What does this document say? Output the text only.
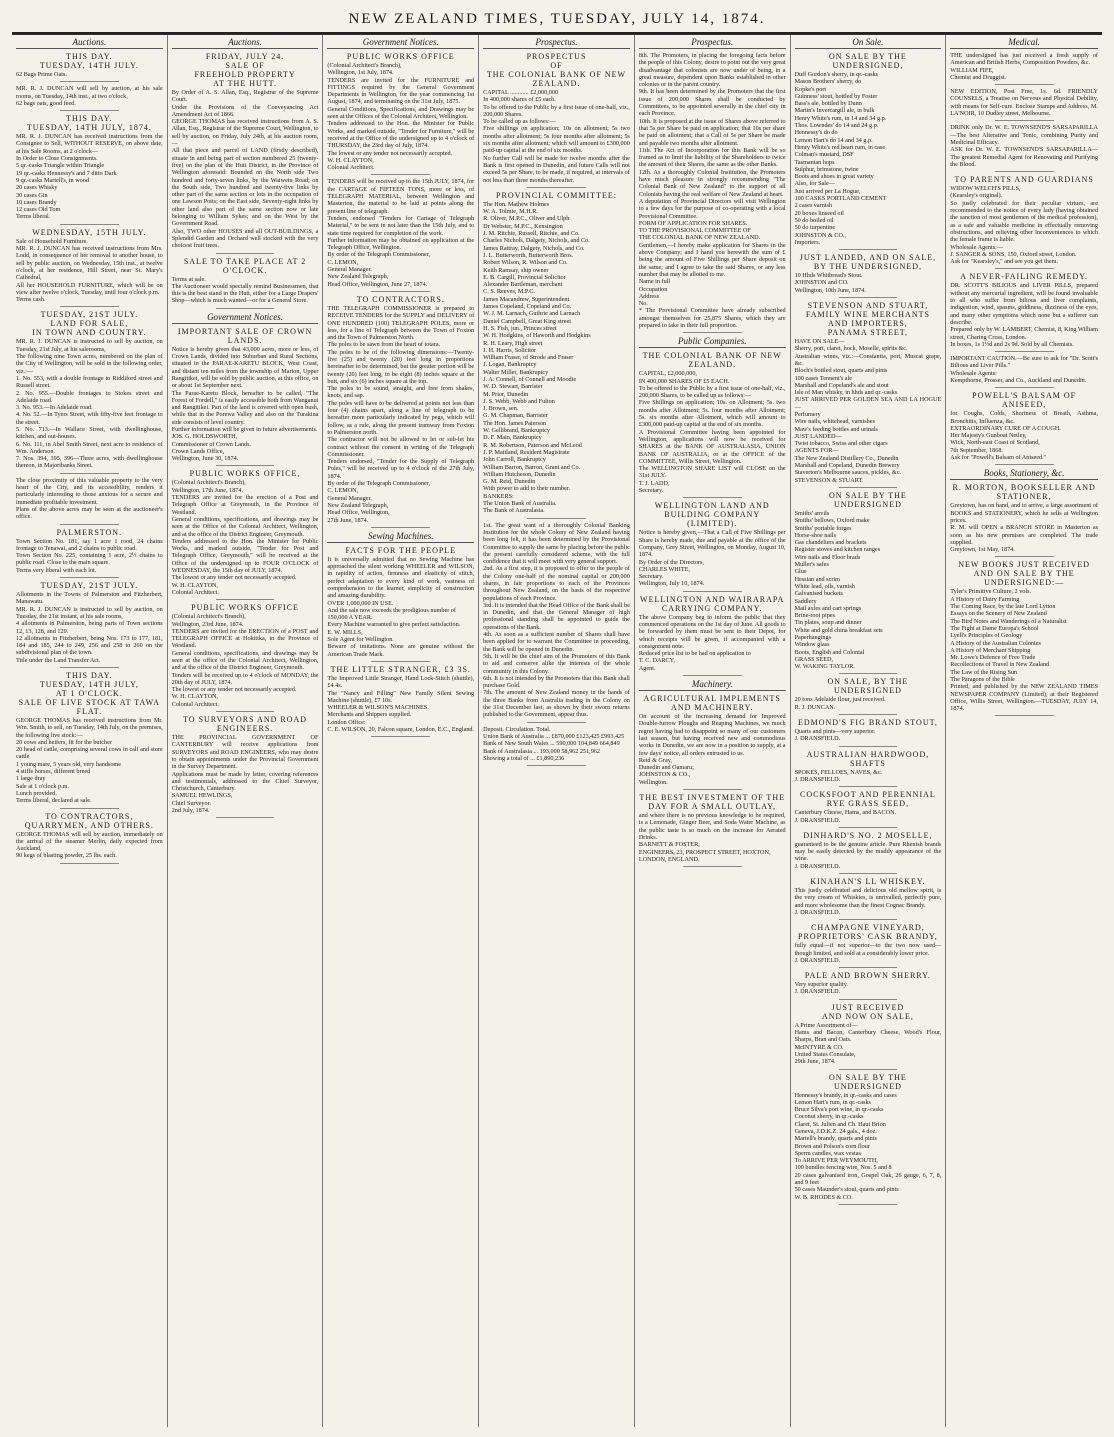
NEW ZEALAND TIMES, TUESDAY, JULY 14, 1874.
Auctions.
THIS DAY.
TUESDAY, 14TH JULY.
62 Bags Prime Oats.
MR. R. J. DUNCAN will sell by auction, at his sale rooms, on Tuesday, 14th inst., at two o'clock,
62 bags oats, good feed.
THIS DAY.
TUESDAY, 14TH JULY, 1874.
MR. R. J. DUNCAN has received instructions from the Consignee to Sell, WITHOUT RESERVE, on above date, at his Sale Rooms, at 2 o'clock—
In Order to Close Consignments.
5 qr.-casks Triangle within Triangle
19 qr.-casks Hennessy's and 7 ditto Dark
9 qr.-casks Martell's, in wood
20 cases Whisky
30 cases Gin
10 cases Brandy
12 cases Old Tom
Terms liberal.
WEDNESDAY, 15TH JULY.
Sale of Household Furniture.
MR. R. J. DUNCAN has received instructions from Mrs. Lodd, in consequence of her removal to another house, to sell by public auction, on Wednesday, 15th inst., at twelve o'clock, at her residence, Hill Street, near St. Mary's Cathedral,
All her HOUSEHOLD FURNITURE, which will be on view after twelve o'clock, Tuesday, until four o'clock p.m.
Terms cash.
TUESDAY, 21ST JULY.
LAND FOR SALE,
IN TOWN AND COUNTRY.
MR. R. J. DUNCAN is instructed to sell by auction, on Tuesday, 21st July, at his salerooms,
The following nine Town acres, numbered on the plan of the City of Wellington, will be sold in the following order, viz.:—
1. No. 553, with a double frontage to Riddiford street and Russell street.
2. No. 955.—Double frontages to Stokes street and Adelaide road.
3. No. 953.—In Adelaide road.
4. No. 52.—In Tyers Street, with fifty-five feet frontage to the street.
5. No. 713.—In Wallace Street, with dwellinghouse, kitchen, and out-houses.
6. No. 111, in Abel Smith Street, next acre to residence of Wm. Anderson.
7. Nos. 394, 395, 396—Three acres, with dwellinghouse thereon, in Majoribanks Street.
The close proximity of this valuable property to the very heart of the City, and its accessibility, renders it particularly interesting to those anxious for a secure and immediate profitable investment.
Plans of the above acres may be seen at the auctioneer's office.
PALMERSTON.
Town Section No. 181, say 1 acre 1 rood, 24 chains frontage to Tenawai, and 2 chains to public road.
Town Section No. 225, containing 1 acre, 2½ chains to public road. Close to the main square.
Terms very liberal with each lot.
TUESDAY, 21ST JULY.
Allotments in the Towns of Palmerston and Fitzherbert, Manawatu.
MR. R. J. DUNCAN is instructed to sell by auction, on Tuesday, the 21st instant, at his sale rooms,
4 allotments in Palmerston, being parts of Town sections 12, 13, 128, and 129.
12 allotments in Fitzherbert, being Nos. 173 to 177, 181, 184 and 185, 244 to 249, 256 and 258 to 260 on the subdivisional plan of the town.
Title under the Land Transfer Act.
THIS DAY.
TUESDAY, 14TH JULY,
AT 1 O'CLOCK.
SALE OF LIVE STOCK AT TAWA FLAT.
GEORGE THOMAS has received instructions from Mr. Wm. Smith, to sell, on Tuesday, 14th July, on the premises, the following live stock:—
20 cows and heifers, fit for the butcher
20 head of cattle, comprising several cows in calf and store cattle
1 young mare, 5 years old, very handsome
4 stiffe horses, different breed
1 large dray
Sale at 1 o'clock p.m.
Lunch provided.
Terms liberal, declared at sale.
TO CONTRACTORS, QUARRYMEN, AND OTHERS.
GEORGE THOMAS will sell by auction, immediately on the arrival of the steamer Merlin, daily expected from Auckland,
90 kegs of blasting powder, 25 lbs. each.
Auctions.
FRIDAY, JULY 24.
SALE OF
FREEHOLD PROPERTY
AT THE HUTT.
By Order of A. S. Allan, Esq., Registrar of the Supreme Court.
Under the Provisions of the Conveyancing Act Amendment Act of 1866.
GEORGE THOMAS has received instructions from A. S. Allan, Esq., Registrar of the Supreme Court, Wellington, to sell by auction, on Friday, July 24th, at his auction room,—
All that piece and parcel of LAND (firstly described), situate in and being part of section numbered 25 (twenty-five) on the plan of the Hutt District, in the Province of Wellington aforesaid: Bounded on the North side Two hundred and forty-seven links, by the Waiwetu Road; on the South side, Two hundred and twenty-five links by other part of the same section or lots in the occupation of one Lawson Potts; on the East side, Seventy-eight links by other land also part of the same section now or late belonging to William Sykes; and on the West by the Government Road.
Also, TWO other HOUSES and all OUT-BUILDINGS, a Splendid Garden and Orchard well stocked with the very choicest fruit trees.
SALE TO TAKE PLACE AT 2 O'CLOCK.
Terms at sale.
The Auctioneer would specially remind Businessmen, that this is the best stand in the Hutt, either for a Large Drapers' Shop—which is much wanted—or for a General Store.
Government Notices.
IMPORTANT SALE OF CROWN LANDS.
Notice is hereby given that 43,000 acres, more or less, of Crown Lands, divided into Suburban and Rural Sections, situated in the PARAE-KARETU BLOCK, West Coast, and distant ten miles from the township of Marton, Upper Rangitikei, will be sold by public auction, at this office, on or about 1st September next.
The Parae-Karetu Block, hereafter to be called, "The Forest of Fordell," is easily accessible both from Wanganui and Rangitikei. Part of the land is covered with open bush, while that in the Porewa Valley and also on the Turakina side consists of level country.
Further information will be given in future advertisements.
JOS. G. HOLDSWORTH,
Commissioner of Crown Lands.
Crown Lands Office,
Wellington, June 30, 1874.
PUBLIC WORKS OFFICE,
(Colonial Architect's Branch),
Wellington, 17th June, 1874.
TENDERS are invited for the erection of a Post and Telegraph Office at Greymouth, in the Province of Westland.
General conditions, specifications, and drawings may be seen at the Office of the Colonial Architect, Wellington, and at the office of the District Engineer, Greymouth.
Tenders addressed to the Hon. the Minister for Public Works, and marked outside, "Tender for Post and Telegraph Office, Greymouth," will be received at the Office of the undersigned up to FOUR O'CLOCK of WEDNESDAY, the 15th day of JULY, 1874.
The lowest or any tender not necessarily accepted.
W. H. CLAYTON,
Colonial Architect.
PUBLIC WORKS OFFICE
(Colonial Architect's Branch),
Wellington, 23rd June, 1874.
TENDERS are invited for the ERECTION of a POST and TELEGRAPH OFFICE at Hokitika, in the Province of Westland.
General conditions, specifications, and drawings may be seen at the office of the Colonial Architect, Wellington, and at the office of the District Engineer, Greymouth.
Tenders will be received up to 4 o'clock of MONDAY, the 20th day of JULY, 1874.
The lowest or any tender not necessarily accepted.
W. H. CLAYTON,
Colonial Architect.
TO SURVEYORS AND ROAD ENGINEERS.
THE PROVINCIAL GOVERNMENT OF CANTERBURY will receive applications from SURVEYORS and ROAD ENGINEERS, who may desire to obtain appointments under the Provincial Government in the Survey Department.
Applications must be made by letter, covering references and testimonials, addressed to the Chief Surveyor, Christchurch, Canterbury.
SAMUEL HEWLINGS,
Chief Surveyor.
2nd July, 1874.
Government Notices.
PUBLIC WORKS OFFICE
(Colonial Architect's Branch),
Wellington, 1st July, 1874.
TENDERS are invited for the FURNITURE and FITTINGS required by the General Government Departments in Wellington, for the year commencing 1st August, 1874, and terminating on the 31st July, 1875.
General Conditions, Specifications, and Drawings may be seen at the Offices of the Colonial Architect, Wellington.
Tenders addressed to the Hon. the Minister for Public Works, and marked outside, "Tender for Furniture," will be received at the Office of the undersigned up to 4 o'clock of THURSDAY, the 23rd day of July, 1874.
The lowest or any tender not necessarily accepted.
W. H. CLAYTON,
Colonial Architect.
TENDERS will be received up to the 15th JULY, 1874, for the CARTAGE of FIFTEEN TONS, more or less, of TELEGRAPH MATERIAL, between Wellington and Masterton, the material to be laid at points along the present line of telegraph.
Tenders, endorsed "Tenders for Cartage of Telegraph Material," to be sent in not later than the 15th July, and to state time required for completion of the work.
Further information may be obtained on application at the Telegraph Office, Wellington.
By order of the Telegraph Commissioner,
C. LEMON,
General Manager.
New Zealand Telegraph,
Head Office, Wellington, June 27, 1874.
TO CONTRACTORS.
THE TELEGRAPH COMMISSIONER is prepared to RECEIVE TENDERS for the SUPPLY and DELIVERY of ONE HUNDRED (100) TELEGRAPH POLES, more or less, for a line of Telegraph between the Town of Foxton and the Town of Palmerston North.
The poles to be sawn from the heart of totara.
The poles to be of the following dimensions:—Twenty-five (25) and twenty (20) feet long in proportions hereinafter to be determined, but the greater portion will be twenty (20) feet long, to be eight (8) inches square at the butt, and six (6) inches square at the top.
The poles to be sound, straight, and free from shakes, knots, and sap.
The poles will have to be delivered at points not less than four (4) chains apart, along a line of telegraph to be hereafter more particularly indicated by pegs, which will follow, as a rule, along the present tramway from Foxton to Palmerston north.
The contractor will not be allowed to let or sub-let his contract without the consent in writing of the Telegraph Commissioner.
Tenders endorsed, "Tender for the Supply of Telegraph Poles," will be received up to 4 o'clock of the 27th July, 1874.
By order of the Telegraph Commissioner,
C. LEMON,
General Manager.
New Zealand Telegraph,
Head Office, Wellington,
27th June, 1874.
Sewing Machines.
FACTS FOR THE PEOPLE
It is universally admitted that no Sewing Machine has approached the silent working WHEELER and WILSON, in rapidity of action, firmness and elasticity of stitch, perfect adaptation to every kind of work, vastness of comprehension to the learner, simplicity of construction and amazing durability.
OVER 1,000,000 IN USE.
And the sale now exceeds the prodigious number of
150,000 A YEAR.
Every Machine warranted to give perfect satisfaction.
E. W. MILLS,
Sole Agent for Wellington.
Beware of imitations. None are genuine without the American Trade Mark.
THE LITTLE STRANGER, £3 3S.
The Improved Little Stranger, Hand Lock-Stitch (shuttle), £4 4s.
The "Nancy and Filling" New Family Silent Sewing Machine (shuttle), £7 10s.
WHEELER & WILSON'S MACHINES.
Merchants and Shippers supplied.
London Office:
C. E. WILSON, 20, Falcon square, London, E.C., England.
Prospectus.
PROSPECTUS
OF
THE COLONIAL BANK OF NEW ZEALAND.
CAPITAL ............ £2,000,000
In 400,000 shares of £5 each.
To be offered to the Public by a first issue of one-half, viz., 200,000 Shares.
To be called up as follows:—
Five shillings on application; 10s on allotment; 5s two months after allotment; 5s four months after allotment; 5s six months after allotment; which will amount to £300,000 paid-up capital at the end of six months.
No further Call will be made for twelve months after the Bank is first opened in Dunedin, and future Calls will not exceed 5s per Share, to be made, if required, at intervals of not less than three months thereafter.
PROVINCIAL COMMITTEE:
The Hon. Mathew Holmes
W. A. Tolmie, M.H.R.
R. Oliver, M.P.C., Oliver and Ulph
Dr Webster, M.P.C., Kensington
J. M. Ritchie, Russell, Ritchie, and Co.
Charles Nichols, Dalgety, Nichols, and Co.
James Rattray, Dalgety, Nichols, and Co.
J. L. Butterworth, Butterworth Bros.
Robert Wilson, R. Wilson and Co.
Keith Ramsay, ship owner
E. B. Cargill, Provincial Solicitor
Alexander Bartleman, merchant
C. S. Reeves, M.P.C.
James Macandrew, Superintendent
James Copeland, Copeland and Co.
W. J. M. Larnach, Guthrie and Larnach
Daniel Campbell, Great King street
H. S. Fish, jun., Princes street
W. H. Hodgkins, of Haworth and Hodgkins
R. H. Leary, High street
J. H. Harris, Solicitor
William Fraser, of Strode and Fraser
J. Logan, Bankruptcy
Walter Miller, Bankruptcy
J. A. Connell, of Connell and Moodie
W. D. Stewart, Barrister
M. Prior, Dunedin
J. S. Webb, Webb and Fulton
J. Brown, sen.
G. M. Chapman, Barrister
The Hon. James Paterson
W. Gellibrand, Bankruptcy
D. F. Main, Bankruptcy
R. M. Robertson, Paterson and McLeod
J. P. Maitland, Resident Magistrate
John Carroll, Bankruptcy
William Barron, Barron, Grant and Co.
William Hutcheson, Dunedin
G. M. Reid, Dunedin
With power to add to their number.
BANKERS:
The Union Bank of Australia.
The Bank of Australasia.
1st. The great want of a thoroughly Colonial Banking Institution for the whole Colony of New Zealand having been long felt, it has been determined by the Provisional Committee to supply the same by placing before the public the present carefully considered scheme, with the full confidence that it will meet with very general support.
2nd. As a first step, it is proposed to offer to the people of the Colony one-half of the nominal capital or 200,000 shares, in fair proportions to each of the Provinces throughout New Zealand, on the basis of the respective populations of each Province.
3rd. It is intended that the Head Office of the Bank shall be in Dunedin, and that the General Manager of high professional standing shall be appointed to guide the operations of the Bank.
4th. As soon as a sufficient number of Shares shall have been applied for to warrant the Committee in proceeding, the Bank will be opened in Dunedin.
5th. It will be the chief aim of the Promoters of this Bank to aid and conserve alike the interests of the whole community in this Colony.
6th. It is not intended by the Promoters that this Bank shall purchase Gold.
7th. The amount of New Zealand money in the hands of the three Banks from Australia trading in the Colony on the 31st December last, as shown by their sworn returns published to the Government, appear thus.
Deposit. Circulation. Total.
Union Bank of Australia ... £870,000 £123,425 £993,425
Bank of New South Wales ... 590,000 104,849 664,849
Bank of Australasia ... 193,000 58,962 251,962
Showing a total of ... £1,890,236
Prospectus.
8th. The Promoters, in placing the foregoing facts before the people of this Colony, desire to point out the very great disadvantage that colonists are now under of being, in a great measure, dependent upon Banks established in other colonies or in the parent country.
9th. It has been determined by the Promoters that the first issue of 200,000 Shares shall be conducted by Committees, to be appointed severally in the chief city in each Province.
10th. It is proposed at the issue of Shares above referred to that 5s per Share be paid on application; that 10s per share be paid on allotment; that a Call of 5s per Share be made and payable two months after allotment.
11th. The Act of Incorporation for this Bank will be so framed as to limit the liability of the Shareholders to twice the amount of their Shares, the same as the other Banks.
12th. As a thoroughly Colonial Institution, the Promoters have much pleasure in strongly recommending "The Colonial Bank of New Zealand" to the support of all Colonists having the real welfare of New Zealand at heart.
A deputation of Provincial Directors will visit Wellington to a few days for the purpose of co-operating with a local Provisional Committee.
FORM OF APPLICATION FOR SHARES.
TO THE PROVISIONAL COMMITTEE OF
THE COLONIAL BANK OF NEW ZEALAND.
Gentlemen,—I hereby make application for Shares in the above Company; and I hand you herewith the sum of £ being the amount of Five Shillings per Share deposit on the same; and I agree to take the said Shares, or any less number that may be allotted to me.
Name in full
Occupation
Address
No.
* The Provisional Committee have already subscribed amongst themselves for 25,875 Shares, which they are prepared to take in their full proportion.
Public Companies.
THE COLONIAL BANK OF NEW ZEALAND.
CAPITAL, £2,000,000,
IN 400,000 SHARES OF £5 EACH.
To be offered to the Public by a first issue of one-half, viz., 200,000 Shares, to be called up as follows:—
Five Shillings on application; 10s. on Allotment; 5s. two months after Allotment; 5s. four months after Allotment; 5s. six months after Allotment, which will amount to £300,000 paid-up capital at the end of six months.
A Provisional Committee having been appointed for Wellington, applications will now be received for SHARES at the BANK OF AUSTRALASIA, UNION BANK OF AUSTRALIA, or at the OFFICE of the COMMITTEE, Willis Street, Wellington.
The WELLINGTON SHARE LIST will CLOSE on the 31st JULY.
T. J. LADD,
Secretary.
WELLINGTON LAND AND BUILDING COMPANY (LIMITED).
Notice is hereby given,—That a Call of Five Shillings per Share is hereby made, due and payable at the office of the Company, Grey Street, Wellington, on Monday, August 10, 1874.
By Order of the Directors,
CHARLES WHITE,
Secretary.
Wellington, July 10, 1874.
WELLINGTON AND WAIRARAPA CARRYING COMPANY.
The above Company beg to inform the public that they commenced operations on the 1st day of June. All goods to be forwarded by them must be sent to their Depot, for which receipts will be given, if accompanied with a consignment note.
Reduced price list to be had on application to
T. C. DARCY,
Agent.
Machinery.
AGRICULTURAL IMPLEMENTS AND MACHINERY.
On account of the increasing demand for Improved Double-furrow Ploughs and Reaping Machines, we much regret having had to disappoint so many of our customers last season, but having received new and commodious works in Dunedin, we are now in a position to supply, at a few days' notice, all orders entrusted to us.
Reid & Gray,
Dunedin and Oamaru;
JOHNSTON & CO.,
Wellington.
THE BEST INVESTMENT OF THE DAY FOR A SMALL OUTLAY,
and where there is no previous knowledge to be required, is a Lemonade, Ginger Beer, and Soda Water Machine, as the public taste is so much on the increase for Aerated Drinks.
BARNETT & FOSTER,
ENGINEERS, 23, PROSPECT STREET, HOXTON,
LONDON, ENGLAND.
On Sale.
ON SALE BY THE UNDERSIGNED,
Duff Gordon's sherry, in qr.-casks
Mason Brothers' sherry, do
Kopke's port
Guinness' stout, bottled by Foster
Bass's ale, bottled by Dunn
Martin's Invercargill ale, in bulk
Henry White's rum, in 14 and 34 g.p.
Thos. Lowndes' do 14 and 24 g.p.
Hennessy's do do
Lemon Hart's do 14 and 34 g.p.
Henry White's red heart rum, in case
Colman's mustard, DSF
Tasmanian hops
Sulphur, brimstone, twine
Boots and shoes in great variety
Also, for Sale—
Just arrived per La Hogue,
100 CASKS PORTLAND CEMENT
2 cases varnish
20 boxes linseed oil
50 do boiled oil
50 do turpentine
JOHNSTON & CO.,
Importers.
JUST LANDED, AND ON SALE, BY THE UNDERSIGNED,
10 Hhds Whitbread's Stout.
JOHNSTON and CO.
Wellington, 10th June, 1874.
STEVENSON AND STUART,
FAMILY WINE MERCHANTS AND IMPORTERS,
PANAMA STREET,
HAVE ON SALE—
Sherry, port, claret, hock, Moselle, spirits &c.
Australian wines, viz.:—Constantia, port, Muscat grape, &c.
Bloch's bottled stout, quarts and pints
100 cases Tennent's ale
Marshall and Copeland's ale and stout
Isle of Man whisky, in hhds and qr.-casks
JUST ARRIVED PER GOLDEN SEA AND LA HOGUE—
Perfumery
Wire nails, whitehead, varnishes
Maw's feeding bottles and urinals
JUST LANDED—
Twist tobacco, Swiss and other cigars
AGENTS FOR—
The New Zealand Distillery Co., Dunedin
Marshall and Copeland, Dunedin Brewery
Staverton's Melbourne sauces, pickles, &c.
STEVENSON & STUART.
ON SALE BY THE UNDERSIGNED
Smiths' anvils
Smiths' bellows, Oxford make
Smiths' portable forges
Horse-shoe nails
Gas chandeliers and brackets
Register stoves and kitchen ranges
Wire nails and Floor brads
Muller's safes
Glue
Hessian and scrim
White lead, oils, varnish
Galvanised buckets
Saddlery
Mail axles and cart springs
Brine-root pipes
Tin plates, soup and dinner
White and gold china breakfast sets
Paperhangings
Window glass
Boots, English and Colonial
GRASS SEED,
W. WAKING TAYLOR.
ON SALE, BY THE UNDERSIGNED
20 tons Adelaide flour, just received.
R. J. DUNCAN.
EDMOND'S FIG BRAND STOUT,
Quarts and pints—very superior.
J. DRANSFIELD.
AUSTRALIAN HARDWOOD, SHAFTS
SPOKES, FELLOES, NAVES, &c.
J. DRANSFIELD.
COCKSFOOT AND PERENNIAL RYE GRASS SEED,
Canterbury Cheese, Hams, and BACON.
J. DRANSFIELD.
DINHARD'S NO. 2 MOSELLE,
guaranteed to be the genuine article. Pure Rhenish brands may be easily detected by the muddy appearance of the wine.
J. DRANSFIELD.
KINAHAN'S LL WHISKEY.
This justly celebrated and delicious old mellow spirit, is the very cream of Whiskies, is unrivalled, perfectly pure, and more wholesome than the finest Cognac Brandy.
J. DRANSFIELD.
CHAMPAGNE VINEYARD, PROPRIETORS' CASK BRANDY,
fully equal—if not superior—to the two now used—though limited, and sold at a considerably lower price.
J. DRANSFIELD.
PALE AND BROWN SHERRY.
Very superior quality.
J. DRANSFIELD.
JUST RECEIVED
AND NOW ON SALE,
A Prime Assortment of—
Hams and Bacon, Canterbury Cheese, Wood's Flour, Sharps, Bran and Oats.
McINTYRE & CO.
United States Consulate,
29th June, 1874.
ON SALE BY THE UNDERSIGNED
Hennessy's brandy, in qr.-casks and cases
Lemon Hart's rum, in qr.-casks
Bruce Silva's port wine, in qr.-casks
Coconut sherry, in qr.-casks
Claret, St. Julien and Ch. Haut Brion
Geneva, J.D.K.Z. 24 gals., 4 doz.
Martell's brandy, quarts and pints
Brown and Polson's corn flour
Sperm candles, wax vestas
To ARRIVE PER WEYMOUTH,
100 bundles fencing wire, Nos. 5 and 8
20 cases galvanised iron, Gospel Oak, 26 gauge, 6, 7, 8, and 9 feet
50 cases Maunder's stout, quarts and pints
W. B. RHODES & CO.
Medical.
THE undersigned has just received a fresh supply of American and British Herbs, Composition Powders, &c.
WILLIAM FIFE,
Chemist and Druggist.
NEW EDITION, Post Free, 1s. 6d. FRIENDLY COUNSELS, a Treatise on Nervous and Physical Debility, with means for Self-cure. Enclose Stamps and Address, M. LA'NOIR, 10 Dudley street, Melbourne.
DRINK only Dr. W. E. TOWNSEND'S SARSAPARILLA—The best Alterative and Tonic, combining Purity and Medicinal Efficacy.
ASK for Dr. W. E. TOWNSEND'S SARSAPARILLA—The greatest Remedial Agent for Renovating and Purifying the Blood.
TO PARENTS AND GUARDIANS
WIDOW WELCH'S PILLS,
(Kearsley's original).
So justly celebrated for their peculiar virtues, are recommended to the notice of every lady (having obtained the sanction of most gentlemen of the medical profession), as a safe and valuable medicine in effectually removing obstructions, and relieving other inconveniences to which the female frame is liable.
Wholesale Agents:—
J. SANGER & SONS, 150, Oxford street, London.
Ask for "Kearsley's," and see you get them.
A NEVER-FAILING REMEDY.
DR. SCOTT'S BILIOUS and LIVER PILLS, prepared without any mercurial ingredient, will be found invaluable to all who suffer from bilious and liver complaints, indigestion, wind, spasms, giddiness, dizziness of the eyes, and many other symptoms which none but a sufferer can describe.
Prepared only by W. LAMBERT, Chemist, 8, King William street, Charing Cross, London.
In boxes, 1s 1½d and 2s 9d. Sold by all Chemists.
IMPORTANT CAUTION.—Be sure to ask for "Dr. Scott's Bilious and Liver Pills."
Wholesale Agents:
Kempthorne, Prosser, and Co., Auckland and Dunedin.
POWELL'S BALSAM OF ANISEED,
for Coughs, Colds, Shortness of Breath, Asthma, Bronchitis, Influenza, &c.
EXTRAORDINARY CURE OF A COUGH.
Her Majesty's Gunboat Netley,
Wick, North-east Coast of Scotland,
7th September, 1868.
Ask for "Powell's Balsam of Aniseed."
Books, Stationery, &c.
R. MORTON, BOOKSELLER AND STATIONER,
Greytown, has on hand, and to arrive, a large assortment of BOOKS and STATIONERY, which he sells at Wellington prices.
R. M. will OPEN a BRANCH STORE in Masterton as soon as his new premises are completed. The trade supplied.
Greytown, 1st May, 1874.
NEW BOOKS JUST RECEIVED AND ON SALE BY THE UNDERSIGNED:—
Tyler's Primitive Culture, 2 vols.
A History of Dairy Farming
The Coming Race, by the late Lord Lytton
Essays on the Scenery of New Zealand
The Bird Notes and Wanderings of a Naturalist
The Fight at Dame Europa's School
Lyell's Principles of Geology
A History of the Australian Colonies
A History of Merchant Shipping
Mr. Lowe's Defence of Free Trade
Recollections of Travel in New Zealand
The Law of the Rising Sun
The Paragons of the Bible
Printed, and published by the NEW ZEALAND TIMES NEWSPAPER COMPANY (Limited), at their Registered Office, Willis Street, Wellington.—TUESDAY, JULY 14, 1874.
